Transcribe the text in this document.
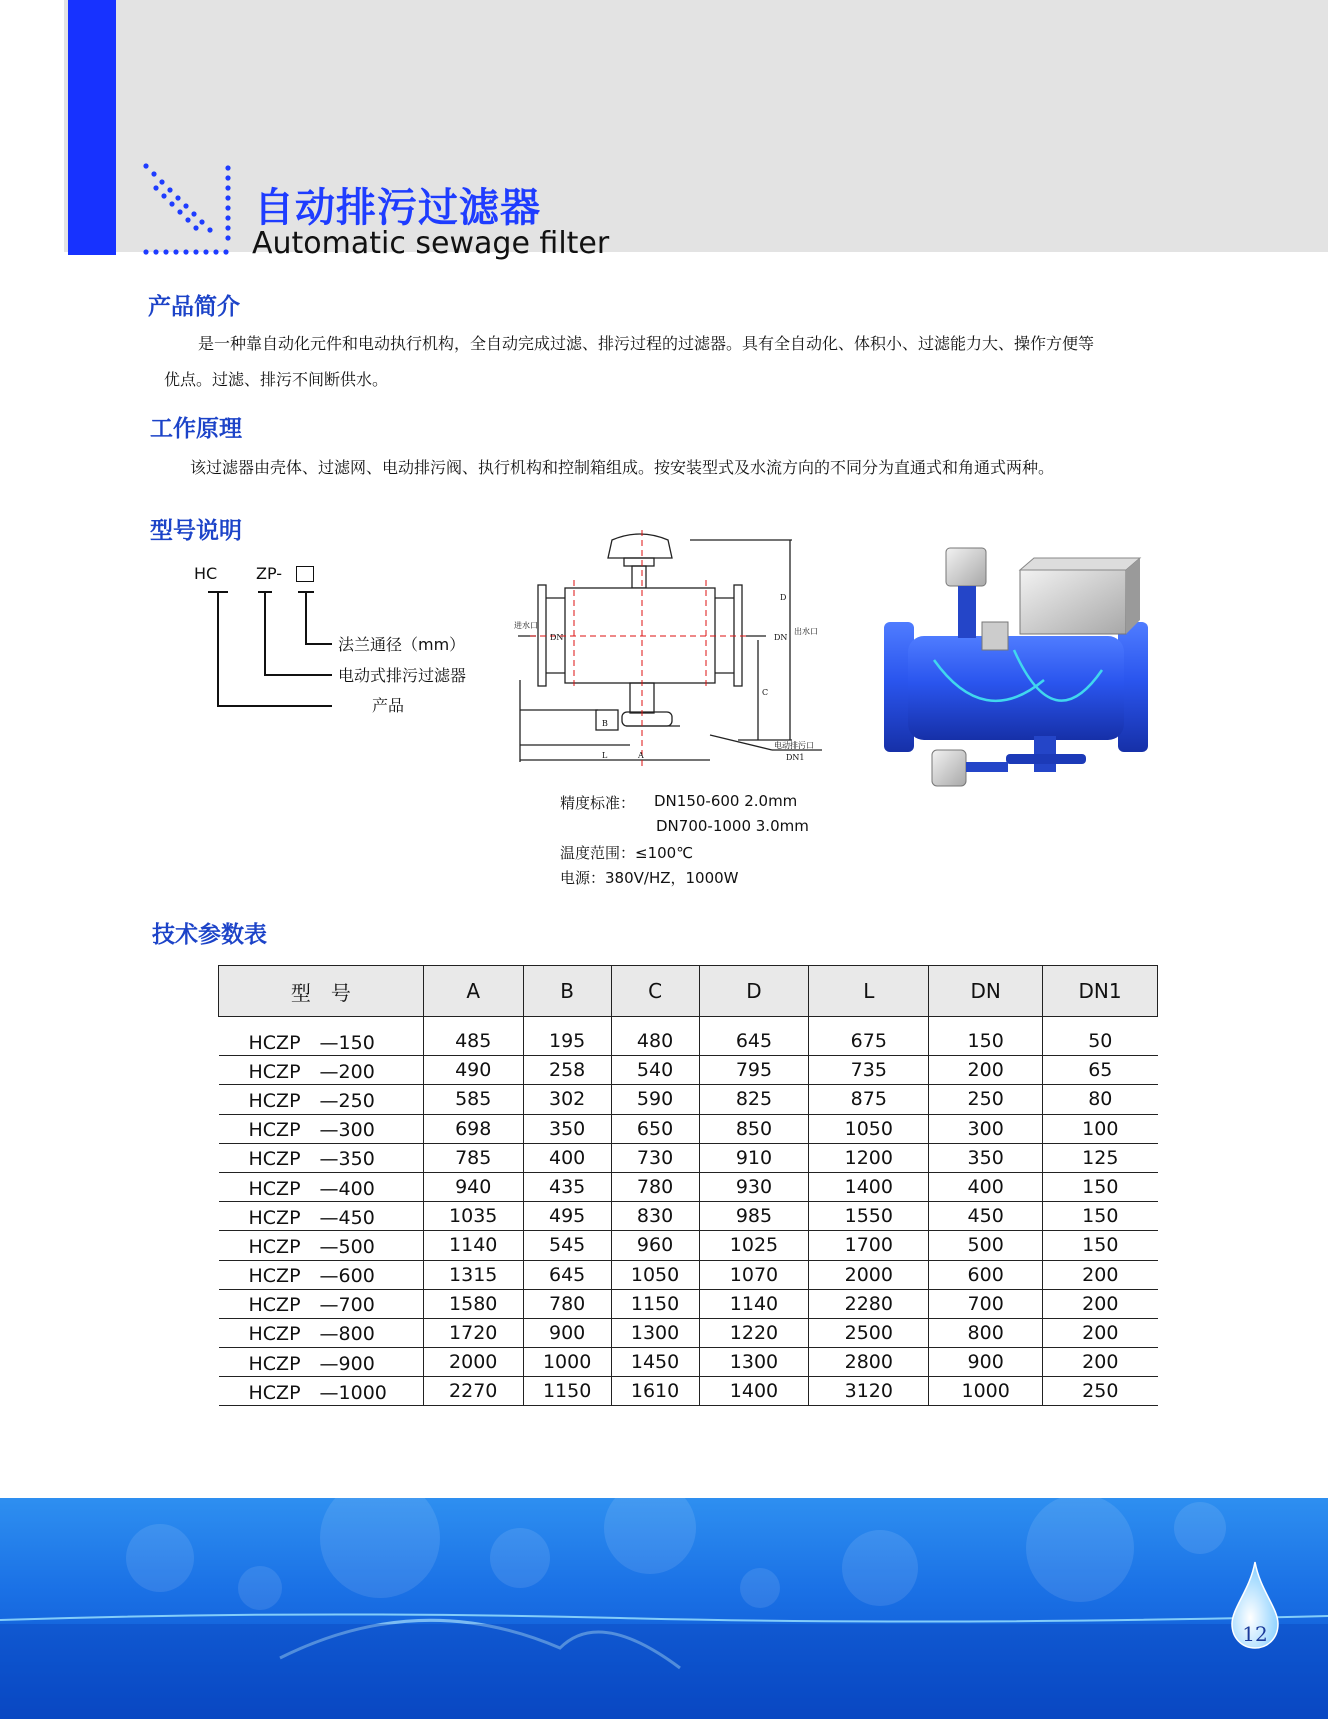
自动排污过滤器
Automatic sewage filter
产品简介
是一种靠自动化元件和电动执行机构，全自动完成过滤、排污过程的过滤器。具有全自动化、体积小、过滤能力大、操作方便等
优点。过滤、排污不间断供水。
工作原理
该过滤器由壳体、过滤网、电动排污阀、执行机构和控制箱组成。按安装型式及水流方向的不同分为直通式和角通式两种。
型号说明
HC ZP-
法兰通径（mm）
电动式排污过滤器
产品
进水口
出水口
电动排污口
DN1
DN	DN
A
L
B
C
D
精度标准： DN150-600 2.0mm
DN700-1000 3.0mm
温度范围：≤100℃
电源：380V/HZ，1000W
技术参数表
型　号	A	B	C	D	L	DN	DN1
HCZP　—150	485	195	480	645	675	150	50
HCZP　—200	490	258	540	795	735	200	65
HCZP　—250	585	302	590	825	875	250	80
HCZP　—300	698	350	650	850	1050	300	100
HCZP　—350	785	400	730	910	1200	350	125
HCZP　—400	940	435	780	930	1400	400	150
HCZP　—450	1035	495	830	985	1550	450	150
HCZP　—500	1140	545	960	1025	1700	500	150
HCZP　—600	1315	645	1050	1070	2000	600	200
HCZP　—700	1580	780	1150	1140	2280	700	200
HCZP　—800	1720	900	1300	1220	2500	800	200
HCZP　—900	2000	1000	1450	1300	2800	900	200
HCZP　—1000	2270	1150	1610	1400	3120	1000	250
12
